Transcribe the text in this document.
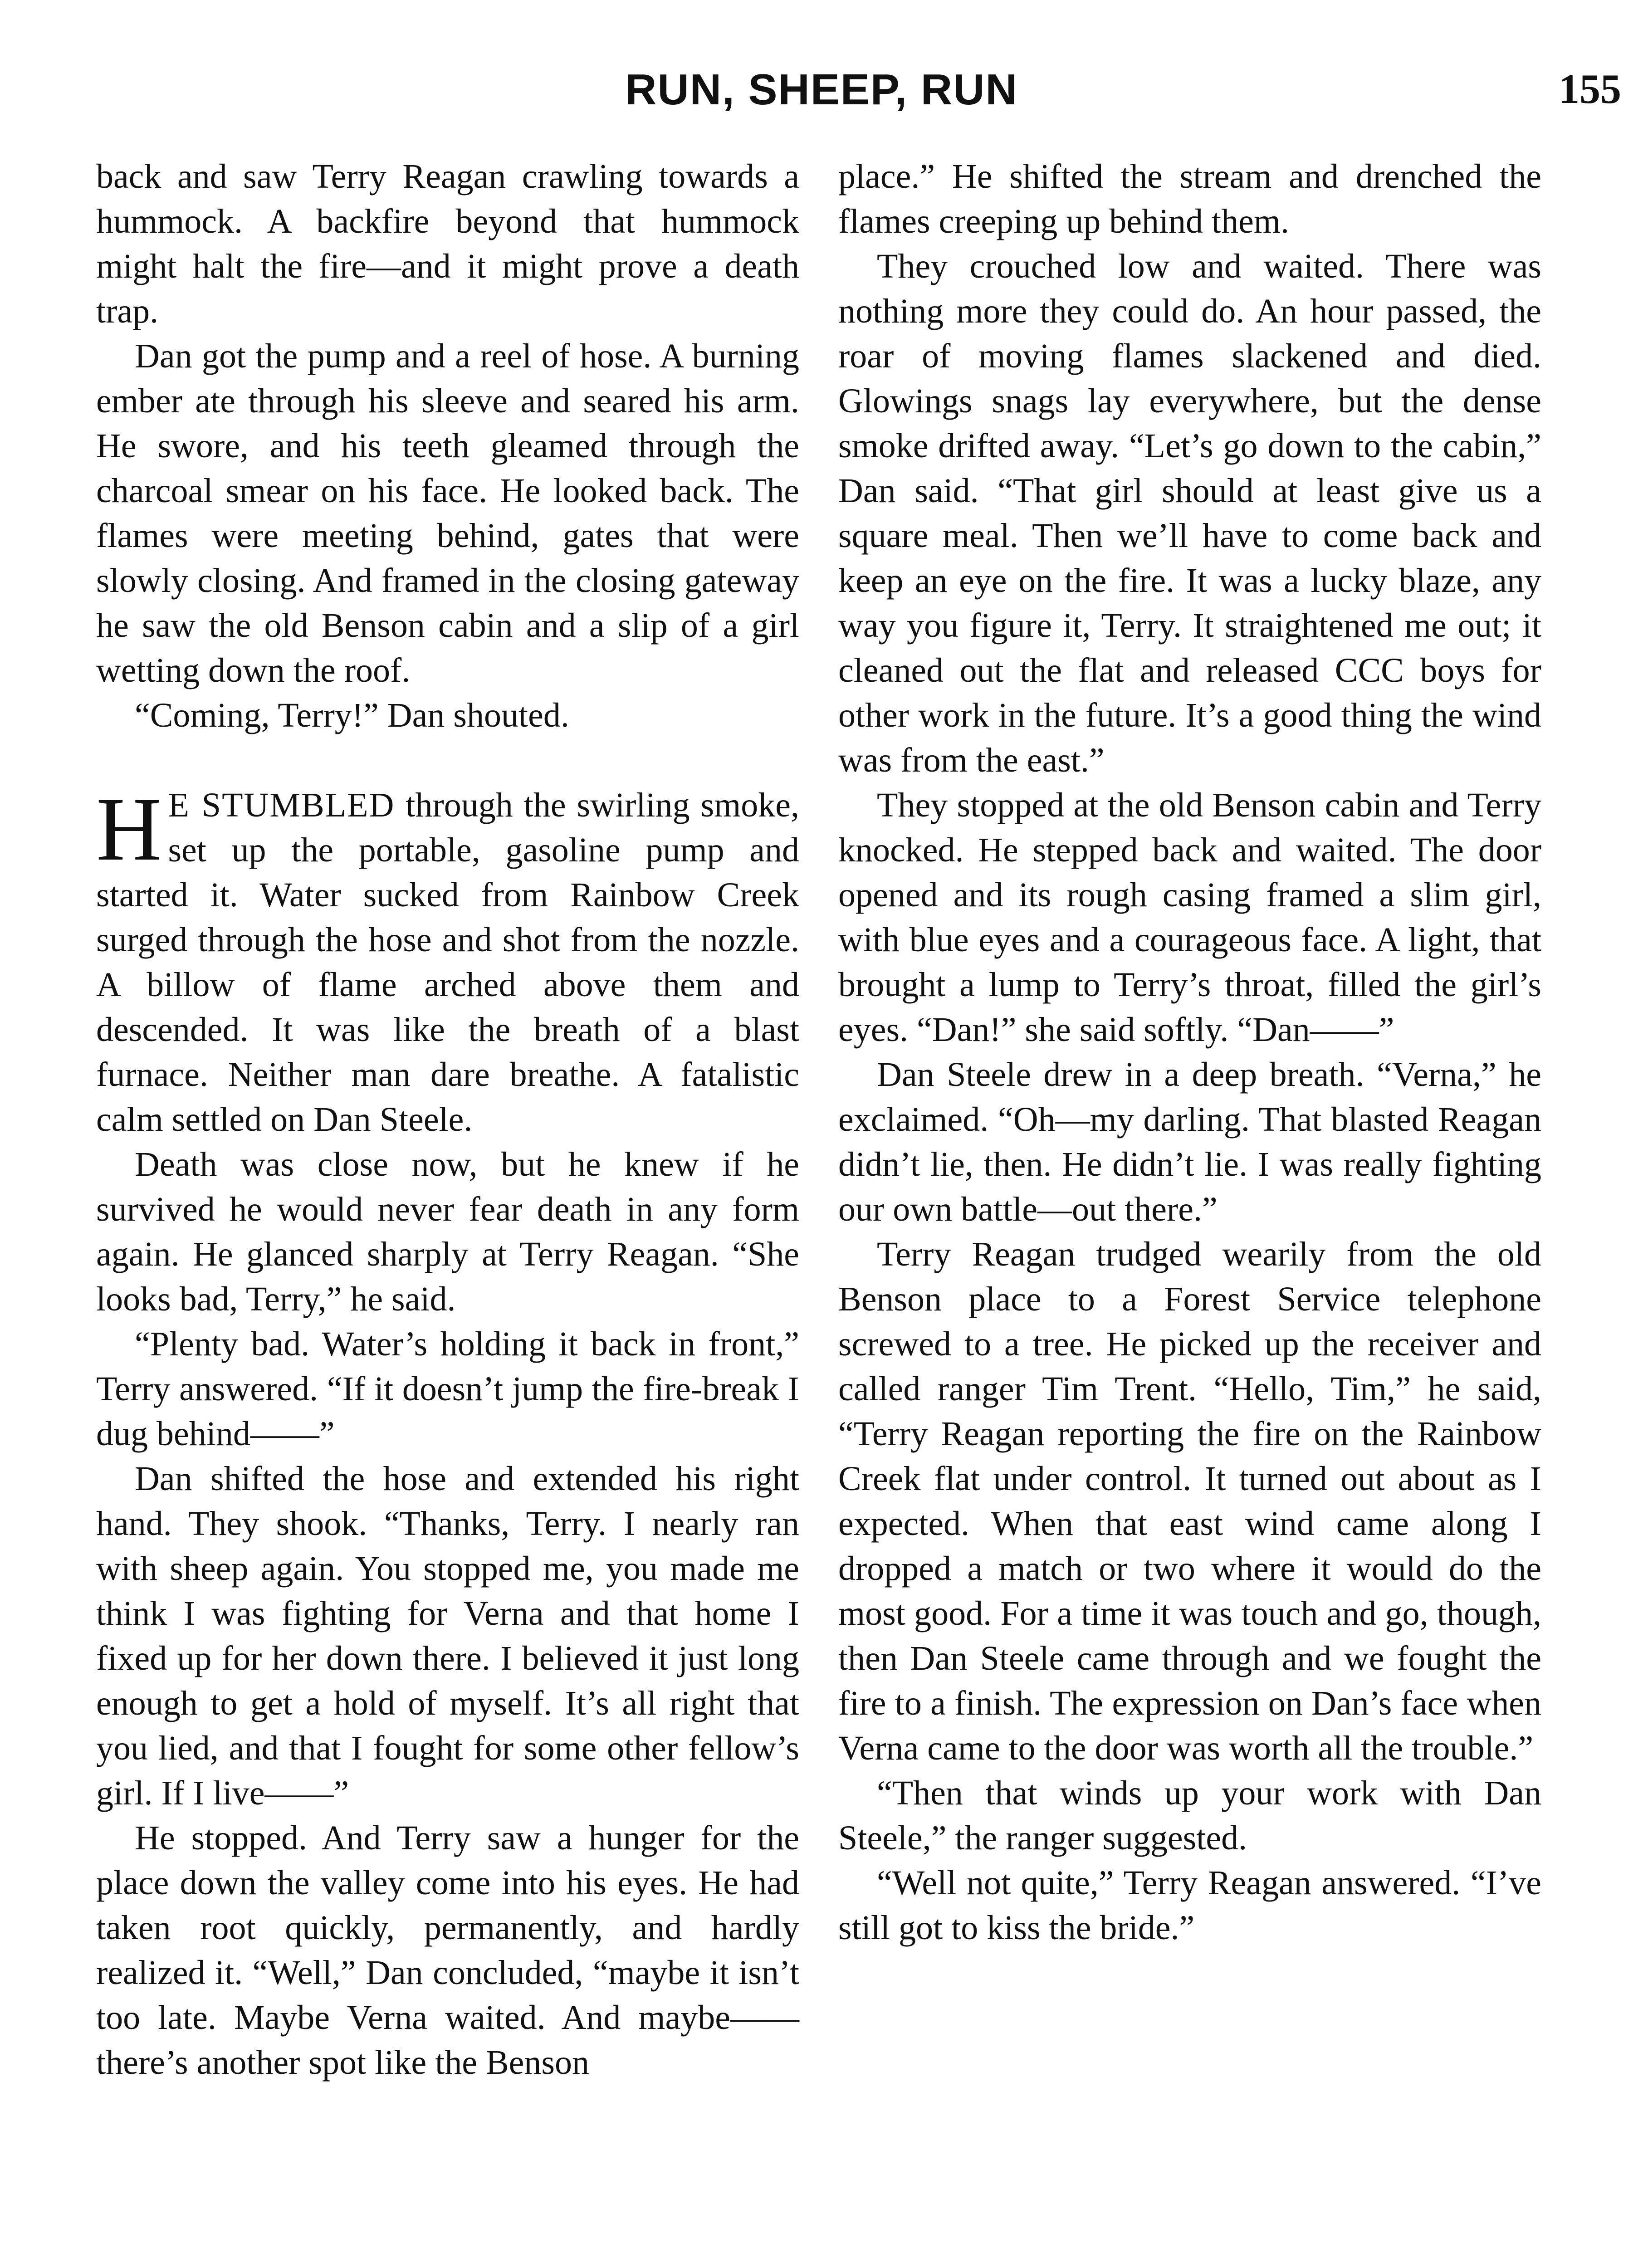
RUN, SHEEP, RUN	155

back and saw Terry Reagan crawling towards a hummock. A backfire beyond that hummock might halt the fire—and it might prove a death trap.

Dan got the pump and a reel of hose. A burning ember ate through his sleeve and seared his arm. He swore, and his teeth gleamed through the charcoal smear on his face. He looked back. The flames were meeting behind, gates that were slowly closing. And framed in the closing gateway he saw the old Benson cabin and a slip of a girl wetting down the roof.

“Coming, Terry!” Dan shouted.

H E STUMBLED through the swirling smoke, set up the portable, gasoline pump and started it. Water sucked from Rainbow Creek surged through the hose and shot from the nozzle. A billow of flame arched above them and descended. It was like the breath of a blast furnace. Neither man dare breathe. A fatalistic calm settled on Dan Steele.

Death was close now, but he knew if he survived he would never fear death in any form again. He glanced sharply at Terry Reagan. “She looks bad, Terry,” he said.

“Plenty bad. Water’s holding it back in front,” Terry answered. “If it doesn’t jump the fire-break I dug behind——”

Dan shifted the hose and extended his right hand. They shook. “Thanks, Terry. I nearly ran with sheep again. You stopped me, you made me think I was fighting for Verna and that home I fixed up for her down there. I believed it just long enough to get a hold of myself. It’s all right that you lied, and that I fought for some other fellow’s girl. If I live——”

He stopped. And Terry saw a hunger for the place down the valley come into his eyes. He had taken root quickly, permanently, and hardly realized it. “Well,” Dan concluded, “maybe it isn’t too late. Maybe Verna waited. And maybe—— there’s another spot like the Benson

place.” He shifted the stream and drenched the flames creeping up behind them.

They crouched low and waited. There was nothing more they could do. An hour passed, the roar of moving flames slackened and died. Glowings snags lay everywhere, but the dense smoke drifted away. “Let’s go down to the cabin,” Dan said. “That girl should at least give us a square meal. Then we’ll have to come back and keep an eye on the fire. It was a lucky blaze, any way you figure it, Terry. It straightened me out; it cleaned out the flat and released CCC boys for other work in the future. It’s a good thing the wind was from the east.”

They stopped at the old Benson cabin and Terry knocked. He stepped back and waited. The door opened and its rough casing framed a slim girl, with blue eyes and a courageous face. A light, that brought a lump to Terry’s throat, filled the girl’s eyes. “Dan!” she said softly. “Dan——”

Dan Steele drew in a deep breath. “Verna,” he exclaimed. “Oh—my darling. That blasted Reagan didn’t lie, then. He didn’t lie. I was really fighting our own battle—out there.”

Terry Reagan trudged wearily from the old Benson place to a Forest Service telephone screwed to a tree. He picked up the receiver and called ranger Tim Trent. “Hello, Tim,” he said, “Terry Reagan reporting the fire on the Rainbow Creek flat under control. It turned out about as I expected. When that east wind came along I dropped a match or two where it would do the most good. For a time it was touch and go, though, then Dan Steele came through and we fought the fire to a finish. The expression on Dan’s face when Verna came to the door was worth all the trouble.”

“Then that winds up your work with Dan Steele,” the ranger suggested.

“Well not quite,” Terry Reagan answered. “I’ve still got to kiss the bride.”
